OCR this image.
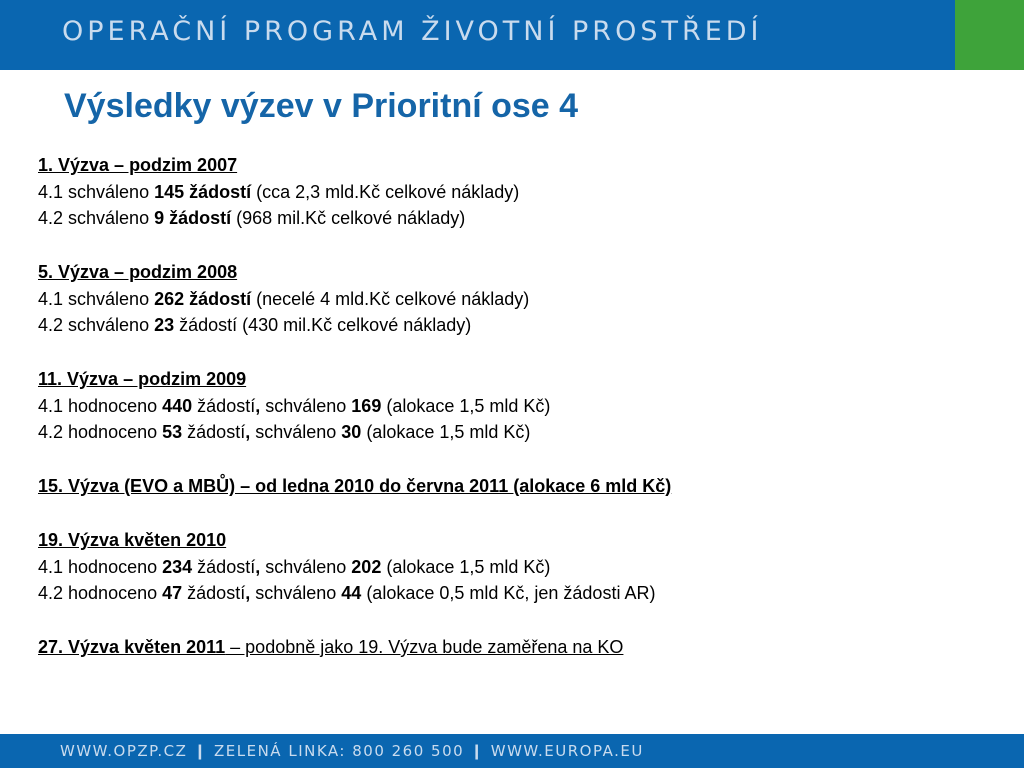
OPERAČNÍ PROGRAM ŽIVOTNÍ PROSTŘEDÍ
Výsledky výzev v Prioritní ose 4
1. Výzva – podzim 2007
4.1 schváleno 145 žádostí (cca 2,3 mld.Kč celkové náklady)
4.2 schváleno 9 žádostí (968 mil.Kč celkové náklady)
5. Výzva – podzim 2008
4.1 schváleno 262 žádostí (necelé 4 mld.Kč celkové náklady)
4.2 schváleno 23 žádostí (430 mil.Kč celkové náklady)
11. Výzva – podzim 2009
4.1 hodnoceno 440 žádostí, schváleno 169 (alokace 1,5 mld Kč)
4.2 hodnoceno 53 žádostí, schváleno 30 (alokace 1,5 mld Kč)
15. Výzva (EVO a MBŮ) – od ledna 2010 do června 2011 (alokace 6 mld Kč)
19. Výzva květen 2010
4.1 hodnoceno 234 žádostí, schváleno 202 (alokace 1,5 mld Kč)
4.2 hodnoceno 47 žádostí, schváleno 44 (alokace 0,5 mld Kč, jen žádosti AR)
27. Výzva květen 2011 – podobně jako 19. Výzva bude zaměřena na KO
WWW.OPZP.CZ ❙ ZELENÁ LINKA: 800 260 500 ❙ WWW.EUROPA.EU
